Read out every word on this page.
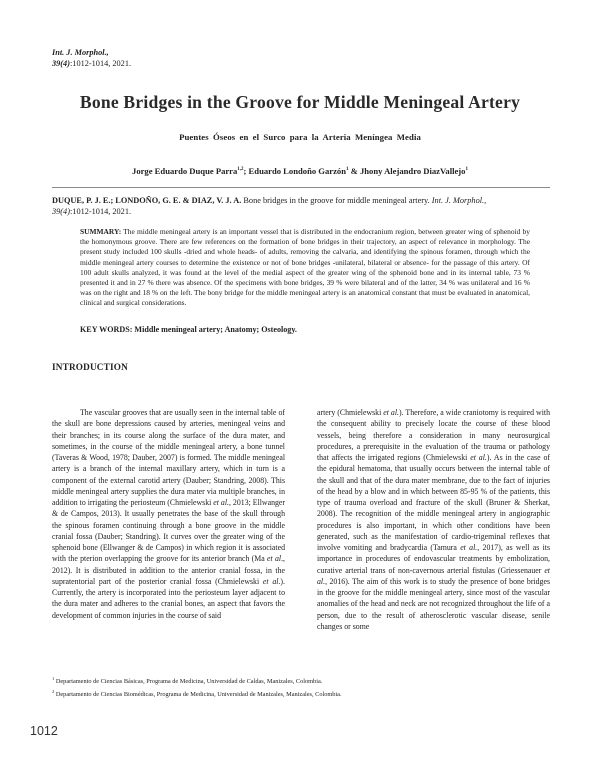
Int. J. Morphol.,
39(4):1012-1014, 2021.
Bone Bridges in the Groove for Middle Meningeal Artery
Puentes Óseos en el Surco para la Arteria Meníngea Media
Jorge Eduardo Duque Parra$^{1,2}$; Eduardo Londoño Garzón$^1$ & Jhony Alejandro DiazVallejo$^1$
DUQUE, P. J. E.; LONDOÑO, G. E. & DIAZ, V. J. A. Bone bridges in the groove for middle meningeal artery. Int. J. Morphol.,
39(4):1012-1014, 2021.
SUMMARY: The middle meningeal artery is an important vessel that is distributed in the endocranium region, between greater wing of sphenoid by the homonymous groove. There are few references on the formation of bone bridges in their trajectory, an aspect of relevance in morphology. The present study included 100 skulls -dried and whole heads- of adults, removing the calvaria, and identifying the spinous foramen, through which the middle meningeal artery courses to determine the existence or not of bone bridges -unilateral, bilateral or absence- for the passage of this artery. Of 100 adult skulls analyzed, it was found at the level of the medial aspect of the greater wing of the sphenoid bone and in its internal table, 73 % presented it and in 27 % there was absence. Of the specimens with bone bridges, 39 % were bilateral and of the latter, 34 % was unilateral and 16 % was on the right and 18 % on the left. The bony bridge for the middle meningeal artery is an anatomical constant that must be evaluated in anatomical, clinical and surgical considerations.
KEY WORDS: Middle meningeal artery; Anatomy; Osteology.
INTRODUCTION

The vascular grooves that are usually seen in the internal table of the skull are bone depressions caused by arteries, meningeal veins and their branches; in its course along the surface of the dura mater, and sometimes, in the course of the middle meningeal artery, a bone tunnel (Taveras & Wood, 1978; Dauber, 2007) is formed. The middle meningeal artery is a branch of the internal maxillary artery, which in turn is a component of the external carotid artery (Dauber; Standring, 2008). This middle meningeal artery supplies the dura mater via multiple branches, in addition to irrigating the periosteum (Chmielewski et al., 2013; Ellwanger & de Campos, 2013). It usually penetrates the base of the skull through the spinous foramen continuing through a bone groove in the middle cranial fossa (Dauber; Standring). It curves over the greater wing of the sphenoid bone (Ellwanger & de Campos) in which region it is associated with the pterion overlapping the groove for its anterior branch (Ma et al., 2012). It is distributed in addition to the anterior cranial fossa, in the supratentorial part of the posterior cranial fossa (Chmielewski et al.). Currently, the artery is incorporated into the periosteum layer adjacent to the dura mater and adheres to the cranial bones, an aspect that favors the development of common injuries in the course of said

artery (Chmielewski et al.). Therefore, a wide craniotomy is required with the consequent ability to precisely locate the course of these blood vessels, being therefore a consideration in many neurosurgical procedures, a prerequisite in the evaluation of the trauma or pathology that affects the irrigated regions (Chmielewski et al.). As in the case of the epidural hematoma, that usually occurs between the internal table of the skull and that of the dura mater membrane, due to the fact of injuries of the head by a blow and in which between 85-95 % of the patients, this type of trauma overload and fracture of the skull (Bruner & Sherkat, 2008). The recognition of the middle meningeal artery in angiographic procedures is also important, in which other conditions have been generated, such as the manifestation of cardio-trigeminal reflexes that involve vomiting and bradycardia (Tamura et al., 2017), as well as its importance in procedures of endovascular treatments by embolization, curative arterial trans of non-cavernous arterial fistulas (Griessenauer et al., 2016). The aim of this work is to study the presence of bone bridges in the groove for the middle meningeal artery, since most of the vascular anomalies of the head and neck are not recognized throughout the life of a person, due to the result of atherosclerotic vascular disease, senile changes or some

$^1$ Departamento de Ciencias Básicas, Programa de Medicina, Universidad de Caldas, Manizales, Colombia.
$^2$ Departamento de Ciencias Biomédicas, Programa de Medicina, Universidad de Manizales, Manizales, Colombia.
1012
